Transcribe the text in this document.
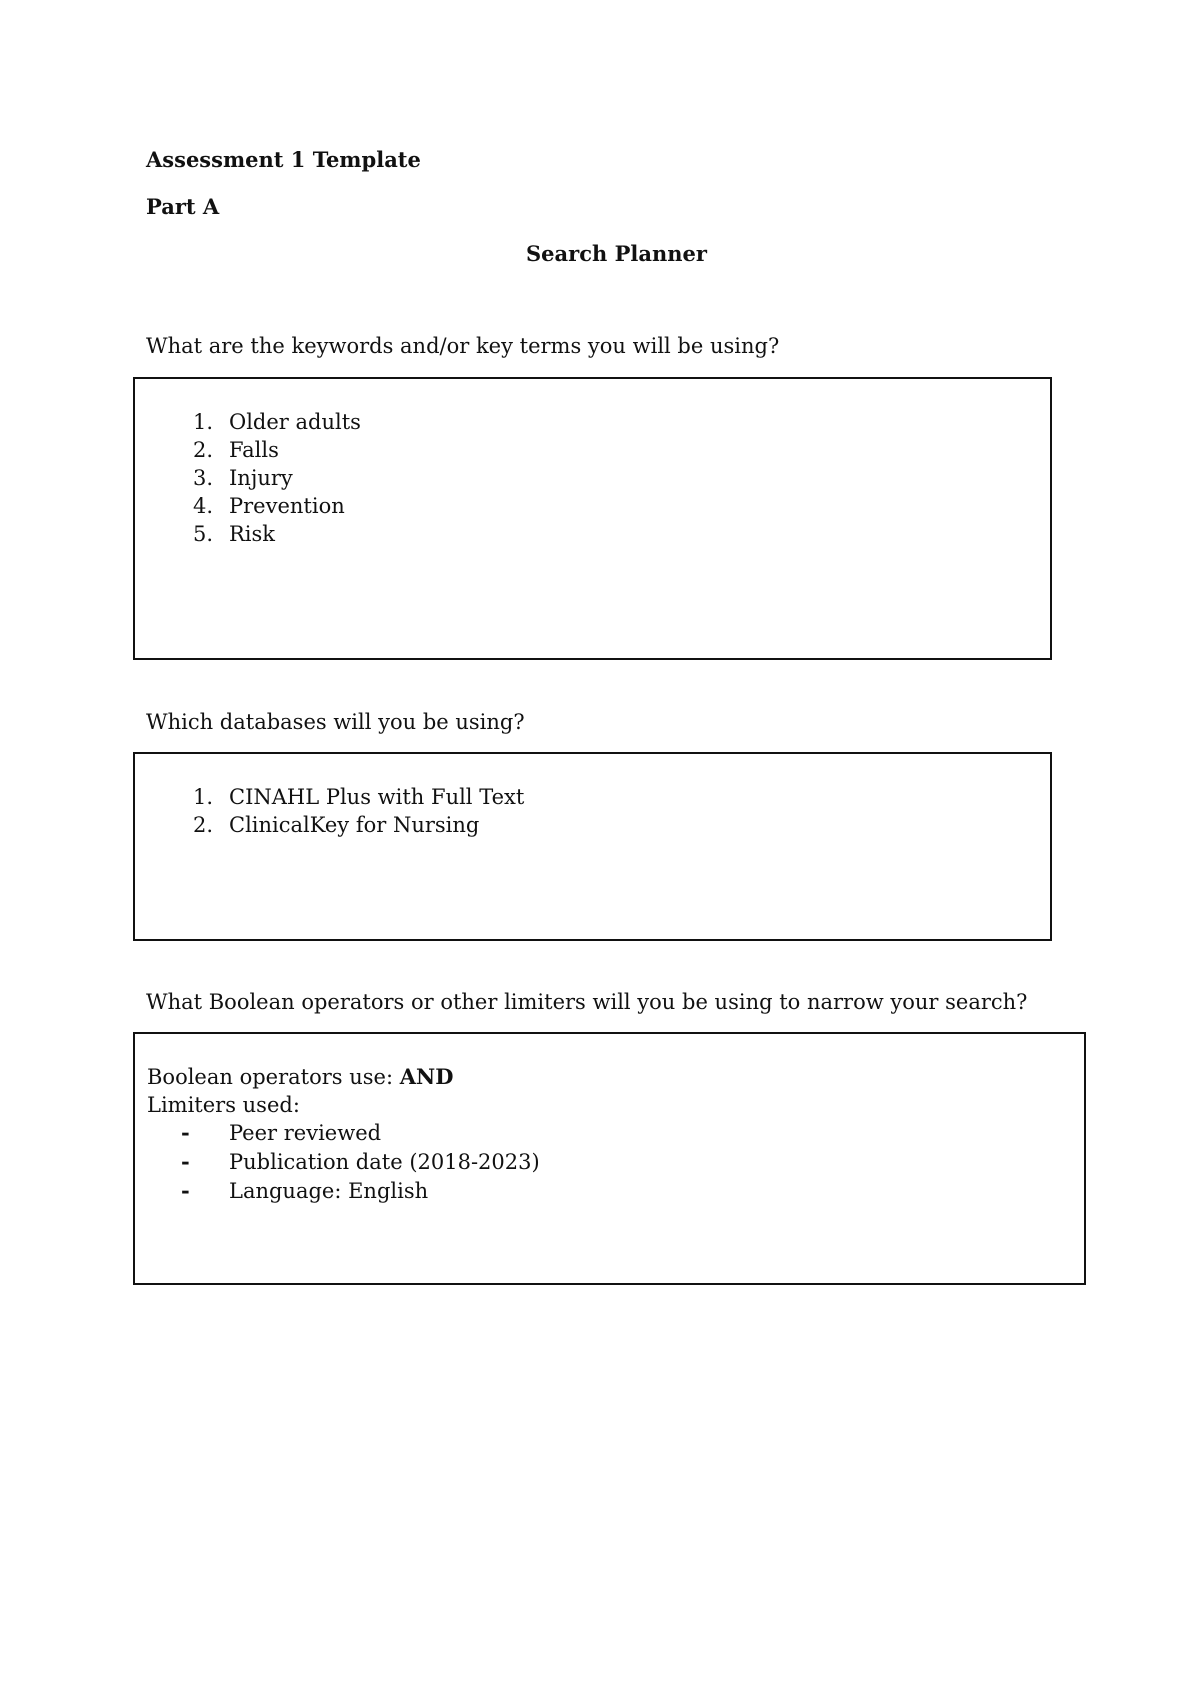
Assessment 1 Template
Part A
Search Planner
What are the keywords and/or key terms you will be using?
1. Older adults
2. Falls
3. Injury
4. Prevention
5. Risk
Which databases will you be using?
1. CINAHL Plus with Full Text
2. ClinicalKey for Nursing
What Boolean operators or other limiters will you be using to narrow your search?
Boolean operators use: AND
Limiters used:
- Peer reviewed
- Publication date (2018-2023)
- Language: English
